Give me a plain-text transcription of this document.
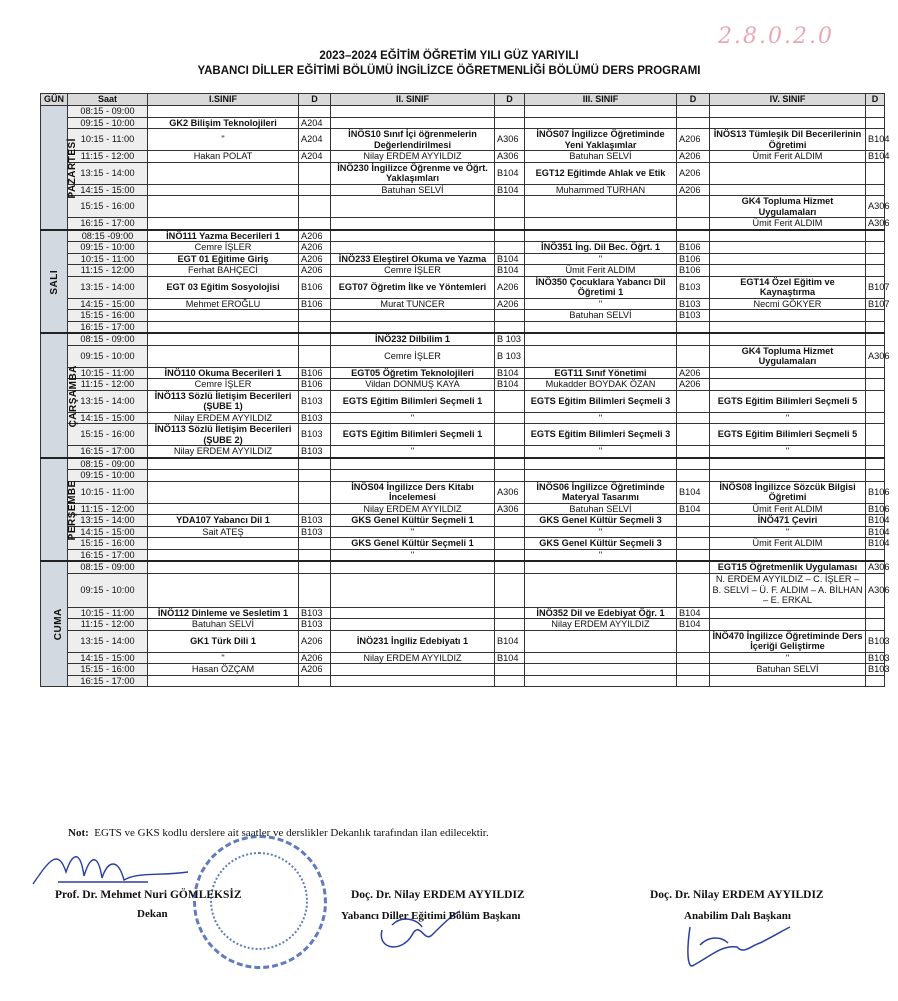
2023–2024 EĞİTİM ÖĞRETİM YILI GÜZ YARIYILI
YABANCI DİLLER EĞİTİMİ BÖLÜMÜ İNGİLİZCE ÖĞRETMENLİĞİ BÖLÜMÜ DERS PROGRAMI
2.8.0.2.0
GÜN	Saat	I.SINIF	D	II. SINIF	D	III. SINIF	D	IV. SINIF	D
PAZARTESİ	08:15 - 09:00								
	09:15 - 10:00	GK2 Bilişim Teknolojileri	A204						
	10:15 - 11:00	"	A204	İNÖS10 Sınıf İçi öğrenmelerin Değerlendirilmesi	A306	İNÖS07 İngilizce Öğretiminde Yeni Yaklaşımlar	A206	İNÖS13 Tümleşik Dil Becerilerinin Öğretimi	B104
	11:15 - 12:00	Hakan POLAT	A204	Nilay ERDEM AYYILDIZ	A306	Batuhan SELVİ	A206	Ümit Ferit ALDIM	B104
	13:15 - 14:00			İNÖ230 İngilizce Öğrenme ve Öğrt. Yaklaşımları	B104	EGT12 Eğitimde Ahlak ve Etik	A206		
	14:15 - 15:00			Batuhan SELVİ	B104	Muhammed TURHAN	A206		
	15:15 - 16:00							GK4 Topluma Hizmet Uygulamaları	A306
	16:15 - 17:00							Ümit Ferit ALDIM	A306
SALI	08:15 -09:00	İNÖ111 Yazma Becerileri 1	A206						
	09:15 - 10:00	Cemre İŞLER	A206			İNÖ351 İng. Dil Bec. Öğrt. 1	B106		
	10:15 - 11:00	EGT 01 Eğitime Giriş	A206	İNÖ233 Eleştirel Okuma ve Yazma	B104	"	B106		
	11:15 - 12:00	Ferhat BAHÇECİ	A206	Cemre İŞLER	B104	Ümit Ferit ALDIM	B106		
	13:15 - 14:00	EGT 03 Eğitim Sosyolojisi	B106	EGT07 Öğretim İlke ve Yöntemleri	A206	İNÖ350 Çocuklara Yabancı Dil Öğretimi 1	B103	EGT14 Özel Eğitim ve Kaynaştırma	B107
	14:15 - 15:00	Mehmet EROĞLU	B106	Murat TUNCER	A206	"	B103	Necmi GÖKYER	B107
	15:15 - 16:00					Batuhan SELVİ	B103		
	16:15 - 17:00								
ÇARŞAMBA	08:15 - 09:00			İNÖ232 Dilbilim 1	B 103				
	09:15 - 10:00			Cemre İŞLER	B 103			GK4 Topluma Hizmet Uygulamaları	A306
	10:15 - 11:00	İNÖ110 Okuma Becerileri 1	B106	EGT05 Öğretim Teknolojileri	B104	EGT11 Sınıf Yönetimi	A206		
	11:15 - 12:00	Cemre İŞLER	B106	Vildan DONMUŞ KAYA	B104	Mukadder BOYDAK ÖZAN	A206		
	13:15 - 14:00	İNÖ113 Sözlü İletişim Becerileri (ŞUBE 1)	B103	EGTS Eğitim Bilimleri Seçmeli 1		EGTS Eğitim Bilimleri Seçmeli 3		EGTS Eğitim Bilimleri Seçmeli 5	
	14:15 - 15:00	Nilay ERDEM AYYILDIZ	B103	"		"		"	
	15:15 - 16:00	İNÖ113 Sözlü İletişim Becerileri (ŞUBE 2)	B103	EGTS Eğitim Bilimleri Seçmeli 1		EGTS Eğitim Bilimleri Seçmeli 3		EGTS Eğitim Bilimleri Seçmeli 5	
	16:15 - 17:00	Nilay ERDEM AYYILDIZ	B103	"		"		"	
PERŞEMBE	08:15 - 09:00								
	09:15 - 10:00								
	10:15 - 11:00			İNÖS04 İngilizce Ders Kitabı İncelemesi	A306	İNÖS06 İngilizce Öğretiminde Materyal Tasarımı	B104	İNÖS08 İngilizce Sözcük Bilgisi Öğretimi	B106
	11:15 - 12:00			Nilay ERDEM AYYILDIZ	A306	Batuhan SELVİ	B104	Ümit Ferit ALDIM	B106
	13:15 - 14:00	YDA107 Yabancı Dil 1	B103	GKS Genel Kültür Seçmeli 1		GKS Genel Kültür Seçmeli 3		İNÖ471 Çeviri	B104
	14:15 - 15:00	Sait ATEŞ	B103	"		"		"	B104
	15:15 - 16:00			GKS Genel Kültür Seçmeli 1		GKS Genel Kültür Seçmeli 3		Ümit Ferit ALDIM	B104
	16:15 - 17:00			"		"			
CUMA	08:15 - 09:00							EGT15 Öğretmenlik Uygulaması	A306
	09:15 - 10:00							N. ERDEM AYYILDIZ – C. İŞLER – B. SELVİ – Ü. F. ALDIM – A. BİLHAN – E. ERKAL	A306
	10:15 - 11:00	İNÖ112 Dinleme ve Sesletim 1	B103			İNÖ352 Dil ve Edebiyat Öğr. 1	B104		
	11:15 - 12:00	Batuhan SELVİ	B103			Nilay ERDEM AYYILDIZ	B104		
	13:15 - 14:00	GK1 Türk Dili 1	A206	İNÖ231 İngiliz Edebiyatı 1	B104			İNÖ470 İngilizce Öğretiminde Ders İçeriği Geliştirme	B103
	14:15 - 15:00	"	A206	Nilay ERDEM AYYILDIZ	B104			"	B103
	15:15 - 16:00	Hasan ÖZÇAM	A206					Batuhan SELVİ	B103
	16:15 - 17:00								
Not: EGTS ve GKS kodlu derslere ait saatler ve derslikler Dekanlık tarafından ilan edilecektir.
Prof. Dr. Mehmet Nuri GÖMLEKSİZ
Dekan
Doç. Dr. Nilay ERDEM AYYILDIZ
Yabancı Diller Eğitimi Bölüm Başkanı
Doç. Dr. Nilay ERDEM AYYILDIZ
Anabilim Dalı Başkanı
